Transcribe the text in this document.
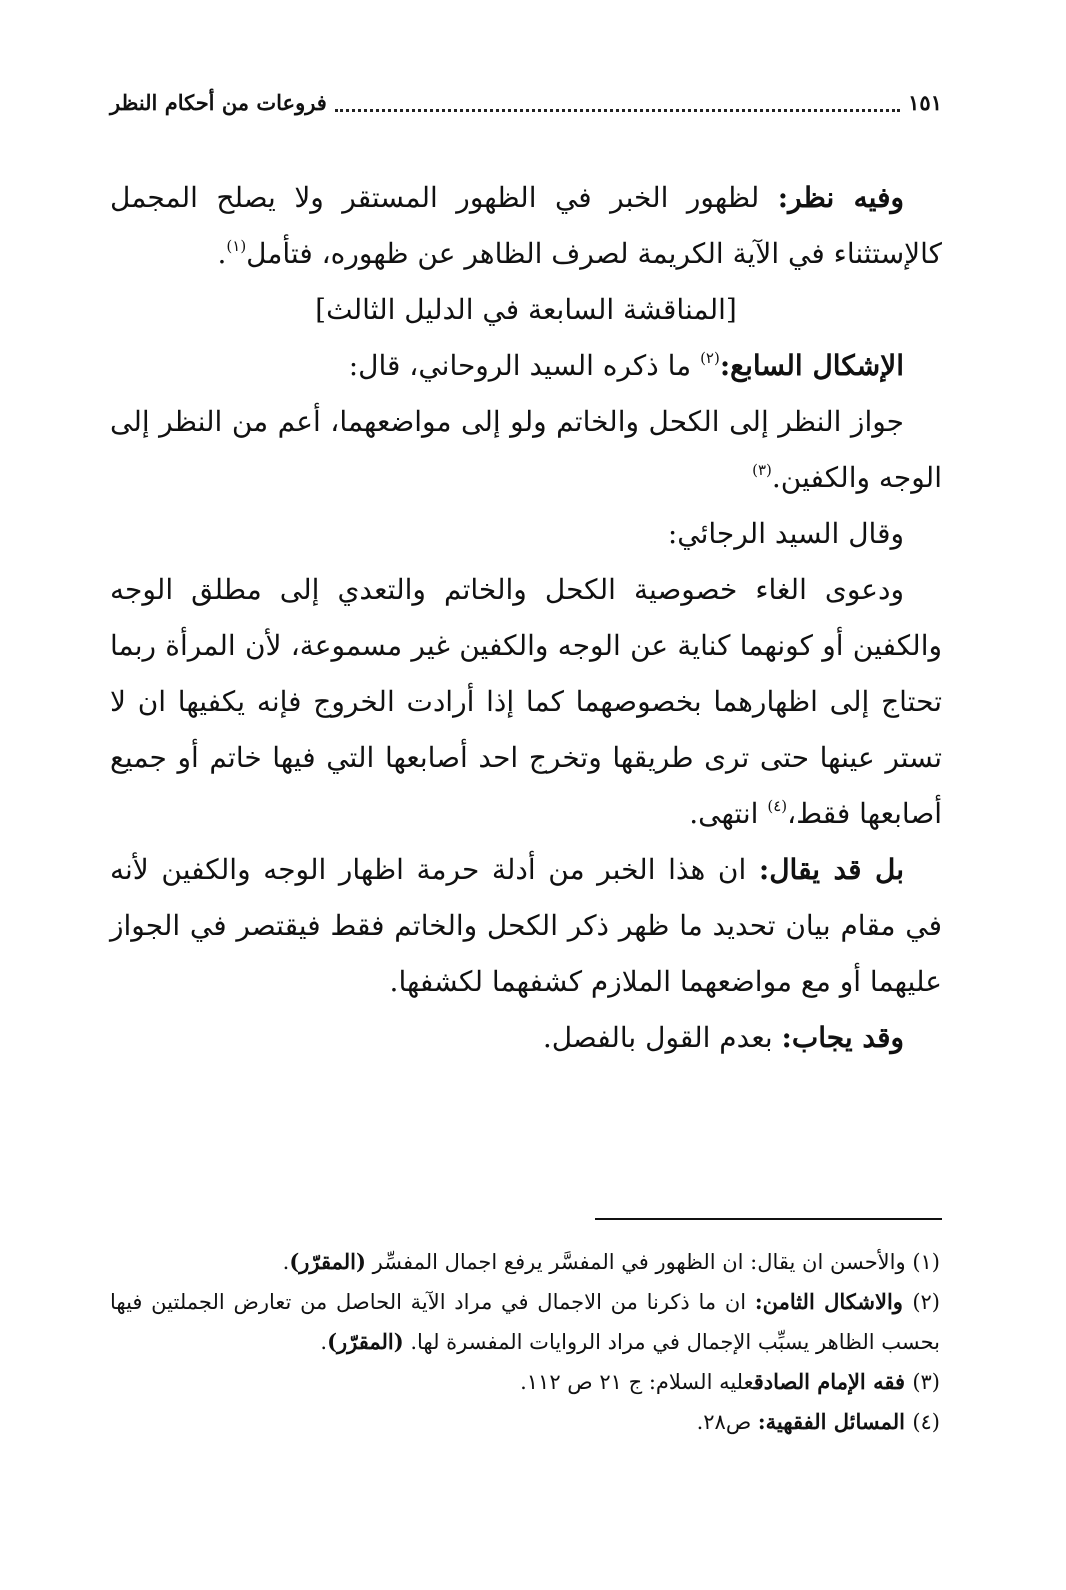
١٥١
فروعات من أحكام النظر

وفيه نظر: لظهور الخبر في الظهور المستقر ولا يصلح المجمل كالإستثناء في الآية الكريمة لصرف الظاهر عن ظهوره، فتأمل$^{(١)}$.

[المناقشة السابعة في الدليل الثالث]

الإشكال السابع:$^{(٢)}$ ما ذكره السيد الروحاني، قال:

جواز النظر إلى الكحل والخاتم ولو إلى مواضعهما، أعم من النظر إلى الوجه والكفين.$^{(٣)}$

وقال السيد الرجائي:

ودعوى الغاء خصوصية الكحل والخاتم والتعدي إلى مطلق الوجه والكفين أو كونهما كناية عن الوجه والكفين غير مسموعة، لأن المرأة ربما تحتاج إلى اظهارهما بخصوصهما كما إذا أرادت الخروج فإنه يكفيها ان لا تستر عينها حتى ترى طريقها وتخرج احد أصابعها التي فيها خاتم أو جميع أصابعها فقط،$^{(٤)}$ انتهى.

بل قد يقال: ان هذا الخبر من أدلة حرمة اظهار الوجه والكفين لأنه في مقام بيان تحديد ما ظهر ذكر الكحل والخاتم فقط فيقتصر في الجواز عليهما أو مع مواضعهما الملازم كشفهما لكشفها.

وقد يجاب: بعدم القول بالفصل.

(١) والأحسن ان يقال: ان الظهور في المفسَّر يرفع اجمال المفسِّر (المقرّر).

(٢) والاشكال الثامن: ان ما ذكرنا من الاجمال في مراد الآية الحاصل من تعارض الجملتين فيها بحسب الظاهر يسبِّب الإجمال في مراد الروايات المفسرة لها. (المقرّر).

(٣) فقه الإمام الصادقعليه السلام: ج ٢١ ص ١١٢.

(٤) المسائل الفقهية: ص٢٨.
